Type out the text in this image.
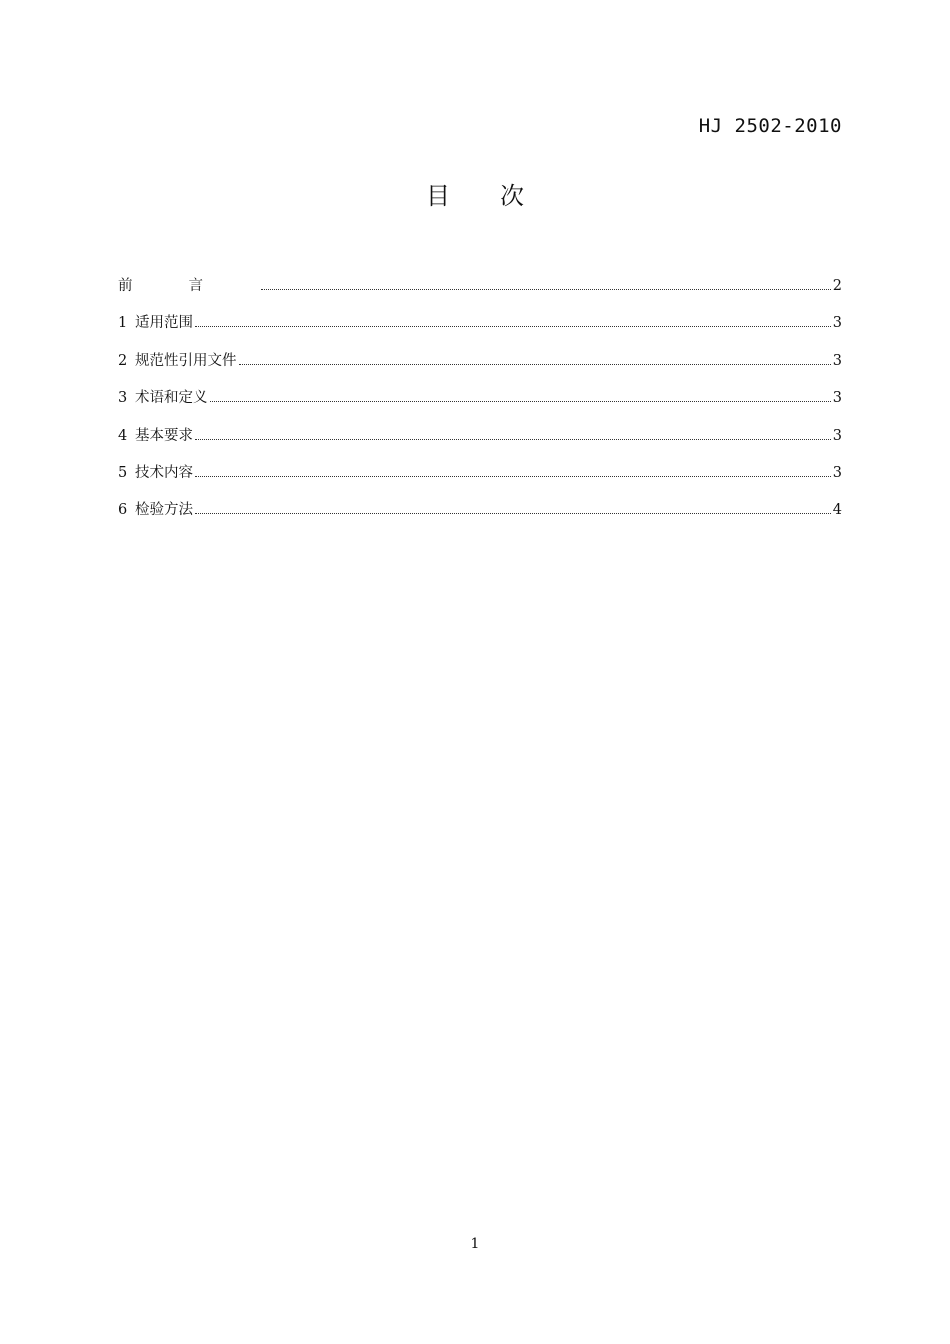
HJ 2502-2010
目次
前言	2
1 适用范围	3
2 规范性引用文件	3
3 术语和定义	3
4 基本要求	3
5 技术内容	3
6 检验方法	4
1
